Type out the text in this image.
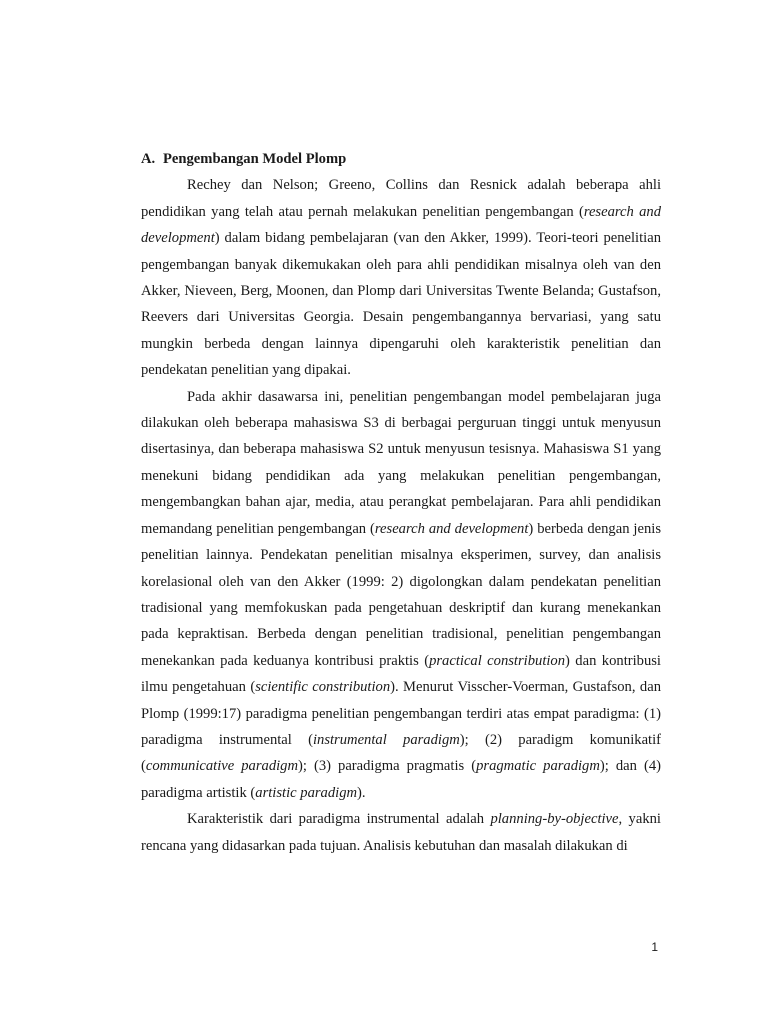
A. Pengembangan Model Plomp

Rechey dan Nelson; Greeno, Collins dan Resnick adalah beberapa ahli pendidikan yang telah atau pernah melakukan penelitian pengembangan (research and development) dalam bidang pembelajaran (van den Akker, 1999). Teori-teori penelitian pengembangan banyak dikemukakan oleh para ahli pendidikan misalnya oleh van den Akker, Nieveen, Berg, Moonen, dan Plomp dari Universitas Twente Belanda; Gustafson, Reevers dari Universitas Georgia. Desain pengembangannya bervariasi, yang satu mungkin berbeda dengan lainnya dipengaruhi oleh karakteristik penelitian dan pendekatan penelitian yang dipakai.

Pada akhir dasawarsa ini, penelitian pengembangan model pembelajaran juga dilakukan oleh beberapa mahasiswa S3 di berbagai perguruan tinggi untuk menyusun disertasinya, dan beberapa mahasiswa S2 untuk menyusun tesisnya. Mahasiswa S1 yang menekuni bidang pendidikan ada yang melakukan penelitian pengembangan, mengembangkan bahan ajar, media, atau perangkat pembelajaran. Para ahli pendidikan memandang penelitian pengembangan (research and development) berbeda dengan jenis penelitian lainnya. Pendekatan penelitian misalnya eksperimen, survey, dan analisis korelasional oleh van den Akker (1999: 2) digolongkan dalam pendekatan penelitian tradisional yang memfokuskan pada pengetahuan deskriptif dan kurang menekankan pada kepraktisan. Berbeda dengan penelitian tradisional, penelitian pengembangan menekankan pada keduanya kontribusi praktis (practical constribution) dan kontribusi ilmu pengetahuan (scientific constribution). Menurut Visscher-Voerman, Gustafson, dan Plomp (1999:17) paradigma penelitian pengembangan terdiri atas empat paradigma: (1) paradigma instrumental (instrumental paradigm); (2) paradigm komunikatif (communicative paradigm); (3) paradigma pragmatis (pragmatic paradigm); dan (4) paradigma artistik (artistic paradigm).

Karakteristik dari paradigma instrumental adalah planning-by-objective, yakni rencana yang didasarkan pada tujuan. Analisis kebutuhan dan masalah dilakukan di

1
